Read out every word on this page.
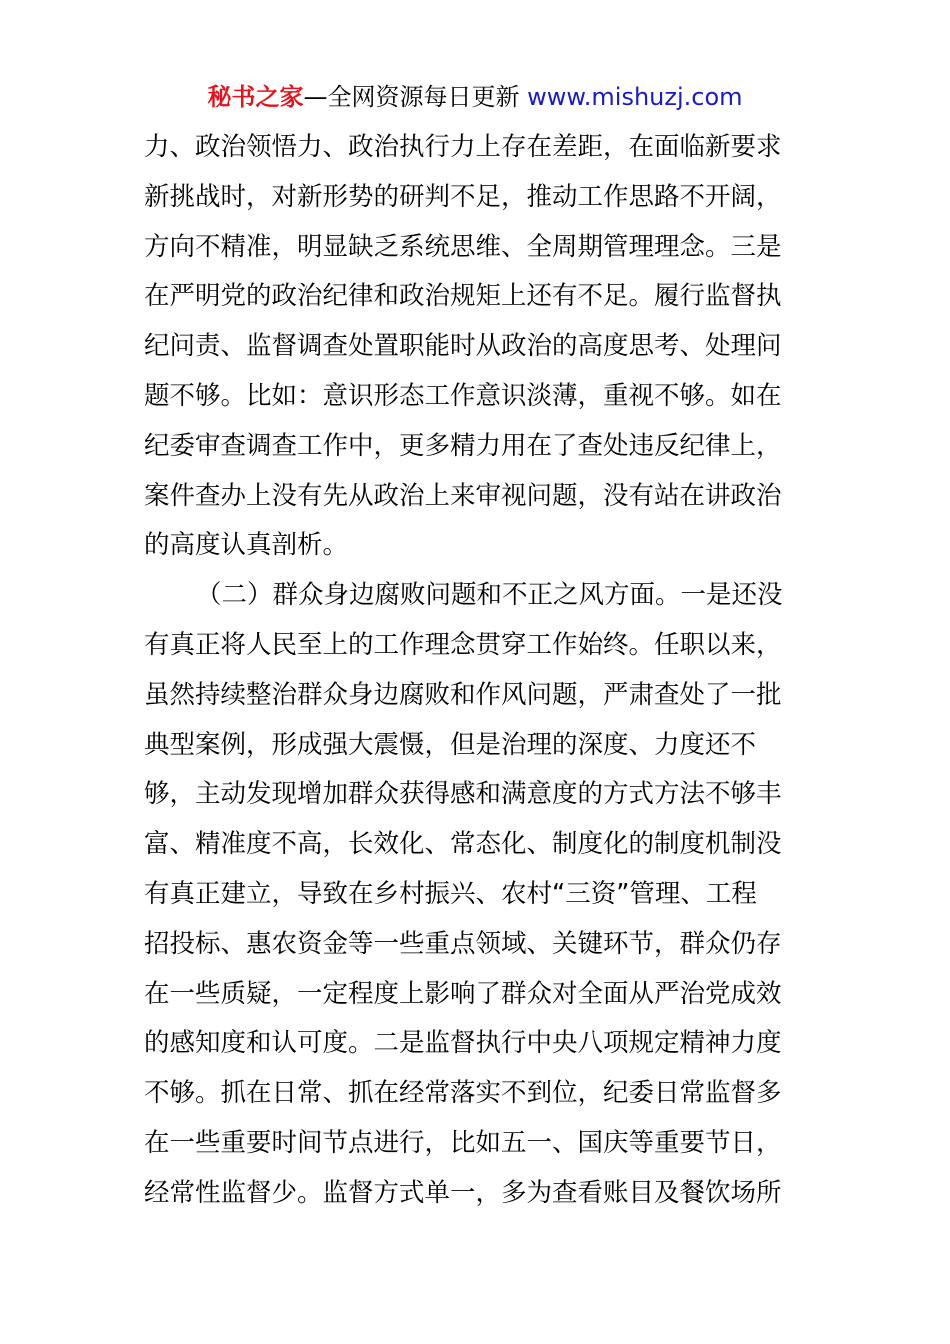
秘书之家—全网资源每日更新 www.mishuzj.com
力、政治领悟力、政治执行力上存在差距，在面临新要求
新挑战时，对新形势的研判不足，推动工作思路不开阔，
方向不精准，明显缺乏系统思维、全周期管理理念。三是
在严明党的政治纪律和政治规矩上还有不足。履行监督执
纪问责、监督调查处置职能时从政治的高度思考、处理问
题不够。比如：意识形态工作意识淡薄，重视不够。如在
纪委审查调查工作中，更多精力用在了查处违反纪律上，
案件查办上没有先从政治上来审视问题，没有站在讲政治
的高度认真剖析。
（二）群众身边腐败问题和不正之风方面。一是还没
有真正将人民至上的工作理念贯穿工作始终。任职以来，
虽然持续整治群众身边腐败和作风问题，严肃查处了一批
典型案例，形成强大震慑，但是治理的深度、力度还不
够，主动发现增加群众获得感和满意度的方式方法不够丰
富、精准度不高，长效化、常态化、制度化的制度机制没
有真正建立，导致在乡村振兴、农村“三资”管理、工程
招投标、惠农资金等一些重点领域、关键环节，群众仍存
在一些质疑，一定程度上影响了群众对全面从严治党成效
的感知度和认可度。二是监督执行中央八项规定精神力度
不够。抓在日常、抓在经常落实不到位，纪委日常监督多
在一些重要时间节点进行，比如五一、国庆等重要节日，
经常性监督少。监督方式单一，多为查看账目及餐饮场所
